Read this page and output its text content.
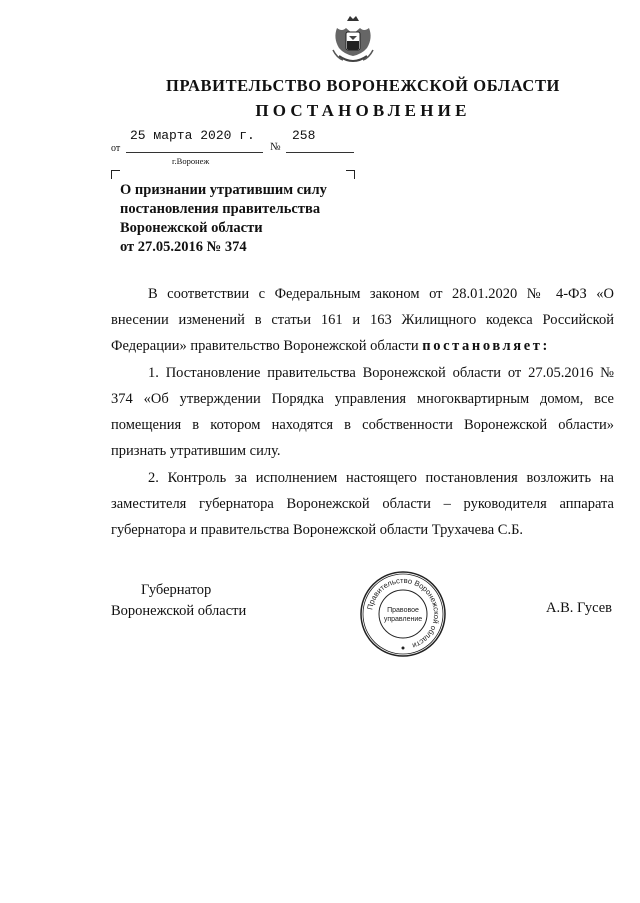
ПРАВИТЕЛЬСТВО ВОРОНЕЖСКОЙ ОБЛАСТИ
ПОСТАНОВЛЕНИЕ
от
25 марта 2020 г.
№
258
г.Воронеж
О признании утратившим силу
постановления правительства
Воронежской области
от 27.05.2016 № 374

В соответствии с Федеральным законом от 28.01.2020 № 4-ФЗ «О внесении изменений в статьи 161 и 163 Жилищного кодекса Российской Федерации» правительство Воронежской области постановляет:

1. Постановление правительства Воронежской области от 27.05.2016 № 374 «Об утверждении Порядка управления многоквартирным домом, все помещения в котором находятся в собственности Воронежской области» признать утратившим силу.

2. Контроль за исполнением настоящего постановления возложить на заместителя губернатора Воронежской области – руководителя аппарата губернатора и правительства Воронежской области Трухачева С.Б.

Губернатор
Воронежской области	А.В. Гусев
Правительство Воронежской области
Правовое
управление
